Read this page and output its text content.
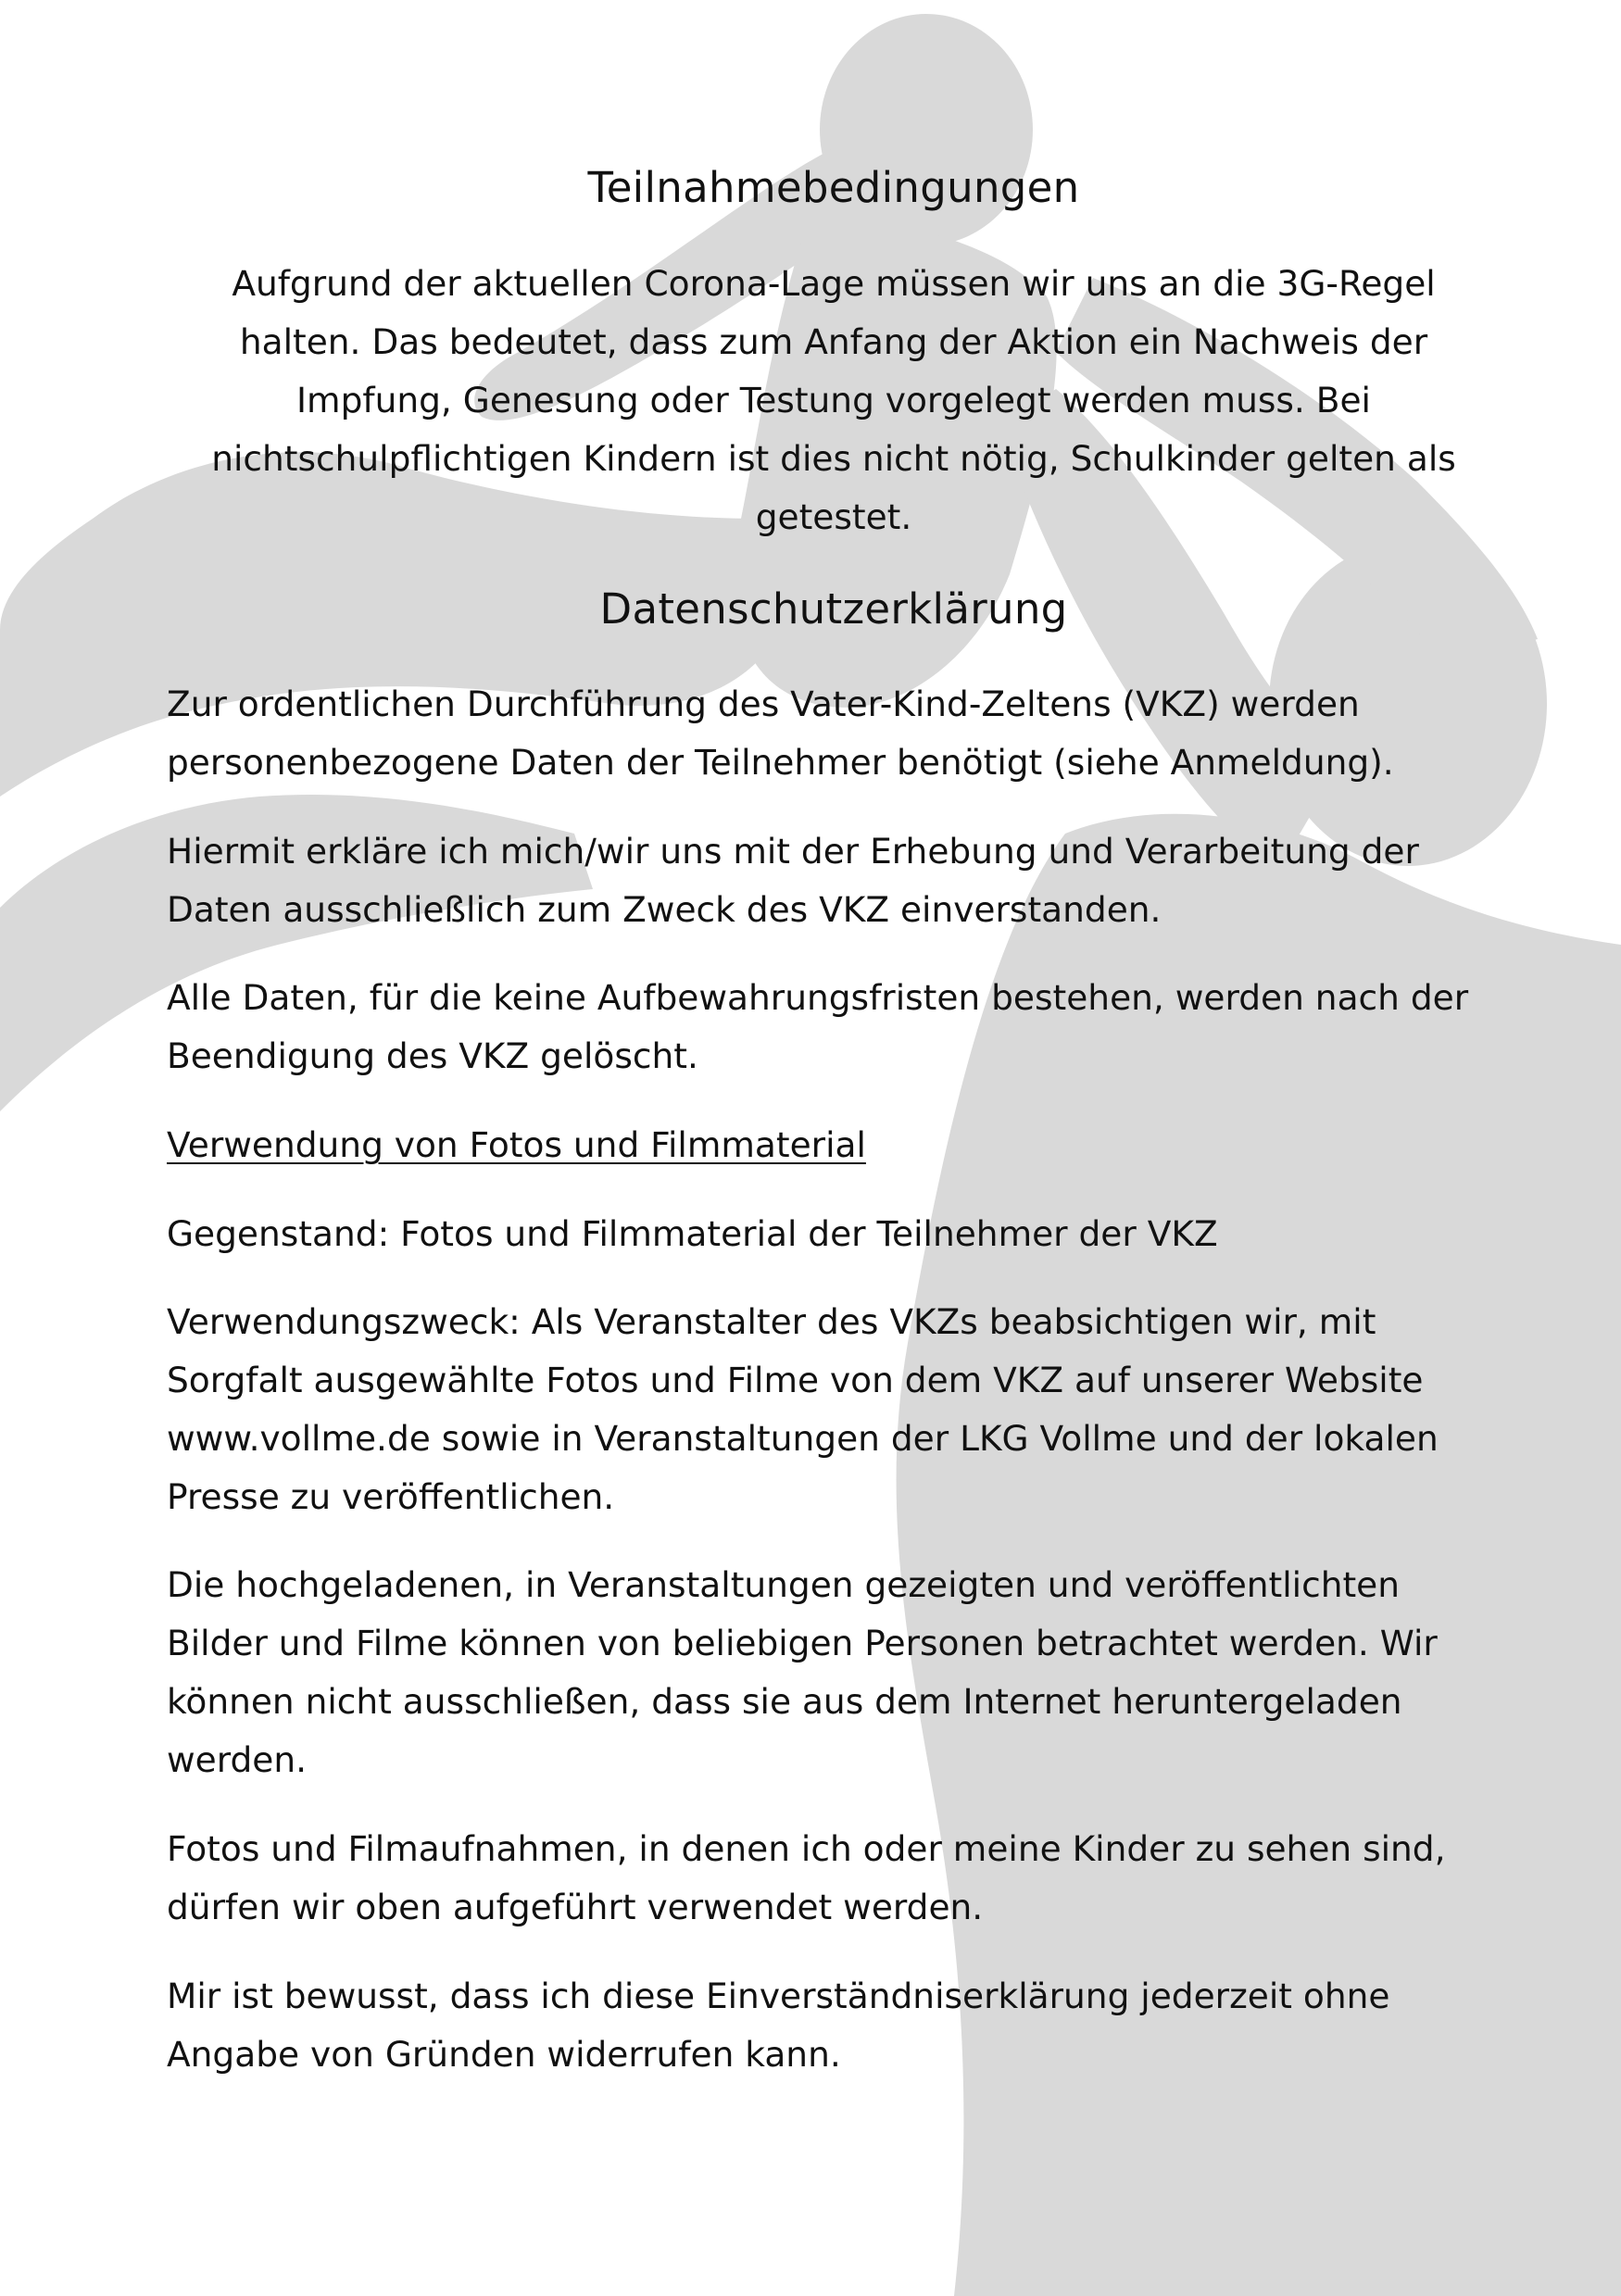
Teilnahmebedingungen

Aufgrund der aktuellen Corona-Lage müssen wir uns an die 3G-Regel halten. Das bedeutet, dass zum Anfang der Aktion ein Nachweis der Impfung, Genesung oder Testung vorgelegt werden muss. Bei nichtschulpflichtigen Kindern ist dies nicht nötig, Schulkinder gelten als getestet.

Datenschutzerklärung

Zur ordentlichen Durchführung des Vater-Kind-Zeltens (VKZ) werden personenbezogene Daten der Teilnehmer benötigt (siehe Anmeldung).

Hiermit erkläre ich mich/wir uns mit der Erhebung und Verarbeitung der Daten ausschließlich zum Zweck des VKZ einverstanden.

Alle Daten, für die keine Aufbewahrungsfristen bestehen, werden nach der Beendigung des VKZ gelöscht.

Verwendung von Fotos und Filmmaterial

Gegenstand: Fotos und Filmmaterial der Teilnehmer der VKZ

Verwendungszweck: Als Veranstalter des VKZs beabsichtigen wir, mit Sorgfalt ausgewählte Fotos und Filme von dem VKZ auf unserer Website www.vollme.de sowie in Veranstaltungen der LKG Vollme und der lokalen Presse zu veröffentlichen.

Die hochgeladenen, in Veranstaltungen gezeigten und veröffentlichten Bilder und Filme können von beliebigen Personen betrachtet werden. Wir können nicht ausschließen, dass sie aus dem Internet heruntergeladen werden.

Fotos und Filmaufnahmen, in denen ich oder meine Kinder zu sehen sind, dürfen wir oben aufgeführt verwendet werden.

Mir ist bewusst, dass ich diese Einverständniserklärung jederzeit ohne Angabe von Gründen widerrufen kann.
